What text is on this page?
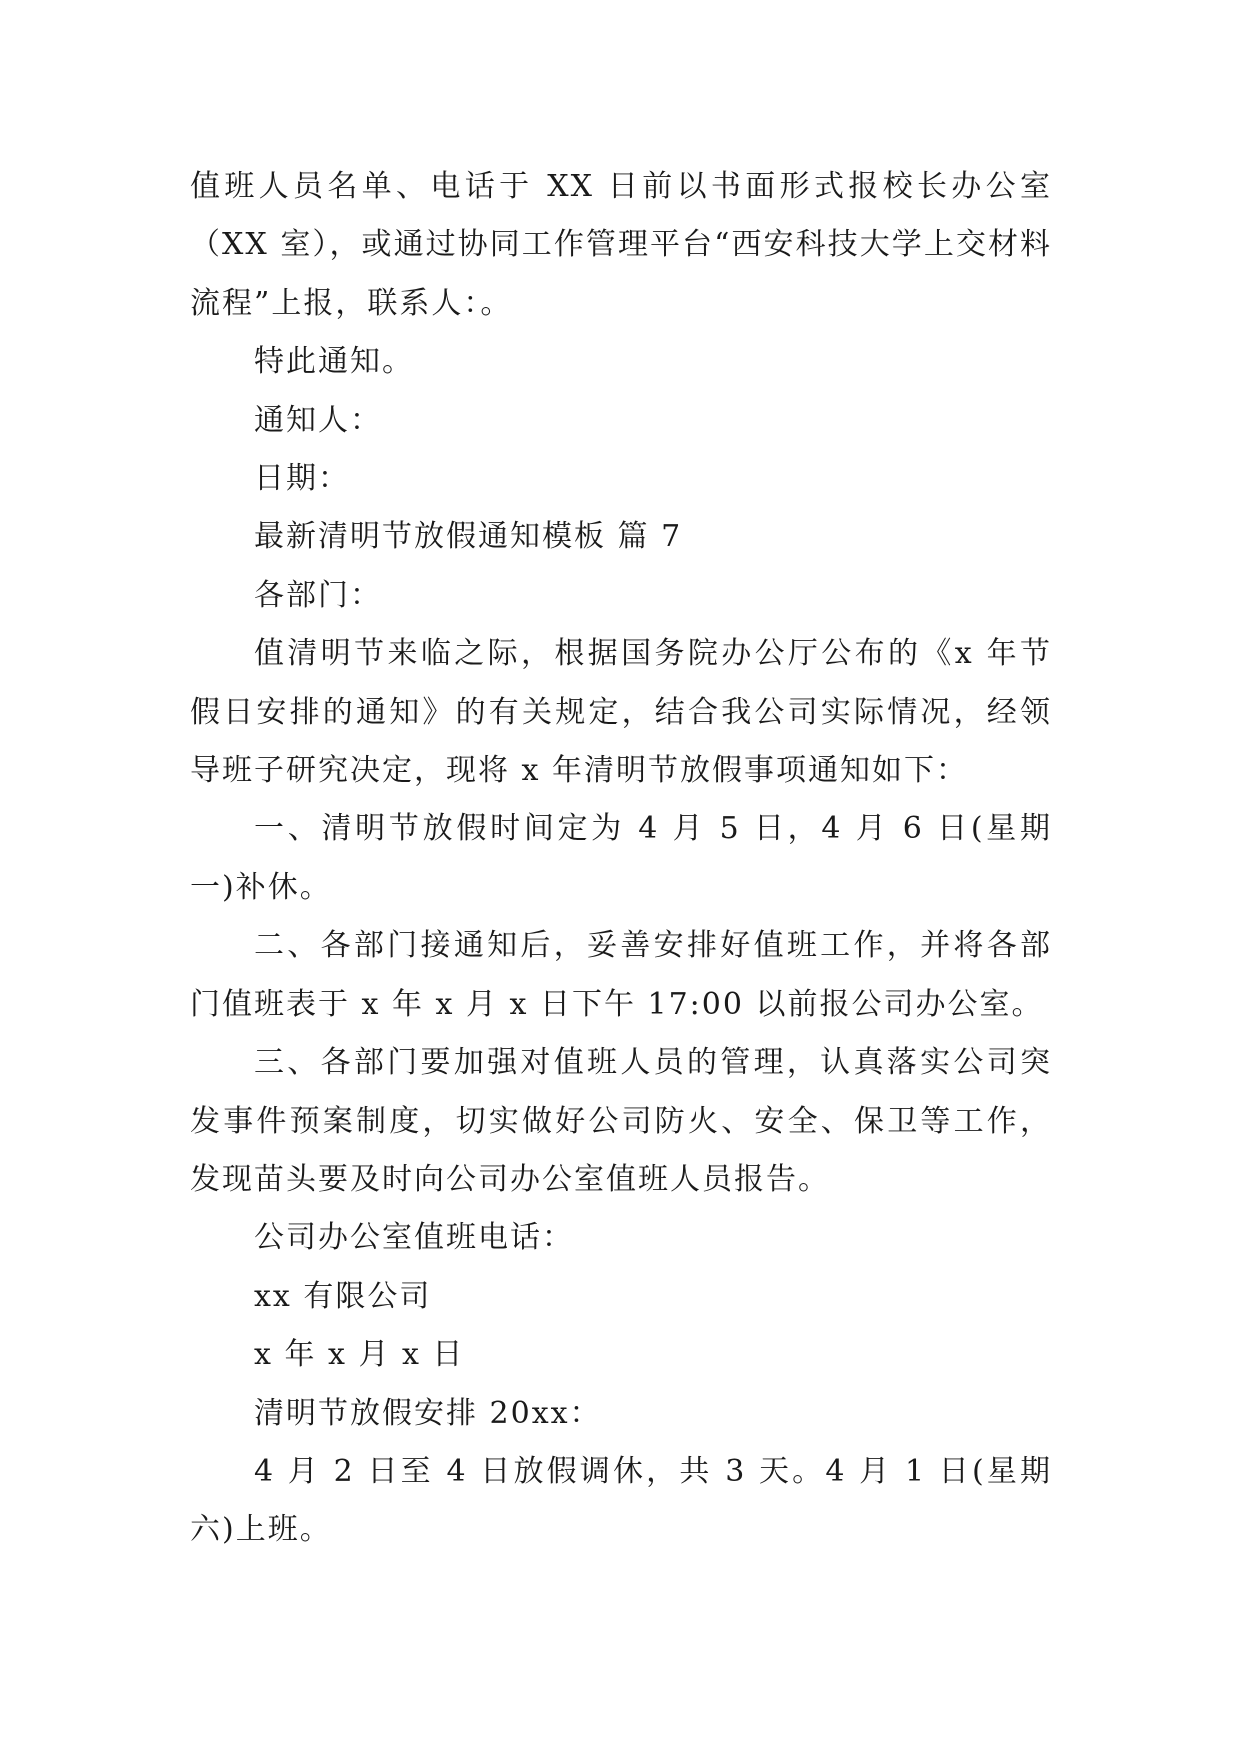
值班人员名单、电话于 XX 日前以书面形式报校长办公室（XX 室），或通过协同工作管理平台“西安科技大学上交材料流程”上报，联系人：。

特此通知。

通知人：

日期：

最新清明节放假通知模板 篇 7

各部门：

值清明节来临之际，根据国务院办公厅公布的《x 年节假日安排的通知》的有关规定，结合我公司实际情况，经领导班子研究决定，现将 x 年清明节放假事项通知如下：

一、清明节放假时间定为 4 月 5 日，4 月 6 日(星期一)补休。

二、各部门接通知后，妥善安排好值班工作，并将各部门值班表于 x 年 x 月 x 日下午 17:00 以前报公司办公室。

三、各部门要加强对值班人员的管理，认真落实公司突发事件预案制度，切实做好公司防火、安全、保卫等工作，发现苗头要及时向公司办公室值班人员报告。

公司办公室值班电话：

xx 有限公司

x 年 x 月 x 日

清明节放假安排 20xx：

4 月 2 日至 4 日放假调休，共 3 天。4 月 1 日(星期六)上班。
